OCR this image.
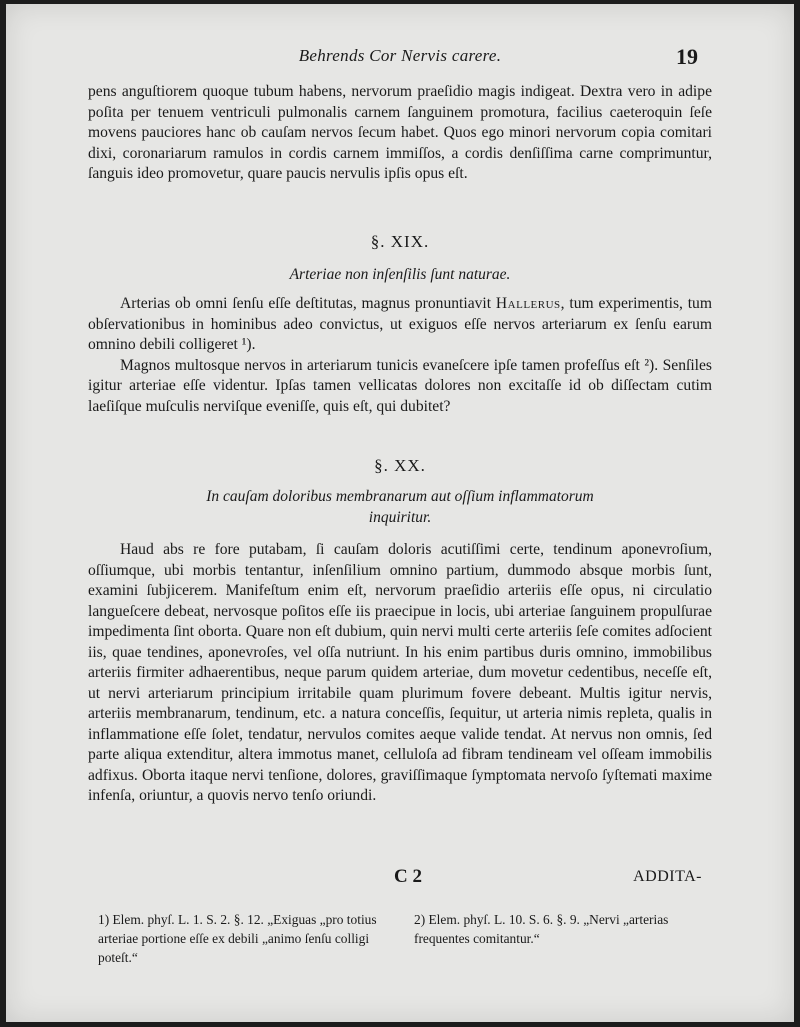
Behrends Cor Nervis carere.	19

pens anguſtiorem quoque tubum habens, nervorum praeſidio magis indigeat. Dextra vero in adipe poſita per tenuem ventriculi pulmonalis carnem ſanguinem promotura, facilius caeteroquin ſeſe movens pauciores hanc ob cauſam nervos ſecum habet. Quos ego minori nervorum copia comitari dixi, coronariarum ramulos in cordis carnem immiſſos, a cordis denſiſſima carne comprimuntur, ſanguis ideo promovetur, quare paucis nervulis ipſis opus eſt.

§. XIX.
Arteriae non inſenſilis ſunt naturae.

Arterias ob omni ſenſu eſſe deſtitutas, magnus pronuntiavit Hallerus, tum experimentis, tum obſervationibus in hominibus adeo convictus, ut exiguos eſſe nervos arteriarum ex ſenſu earum omnino debili colligeret ¹).

Magnos multosque nervos in arteriarum tunicis evaneſcere ipſe tamen profeſſus eſt ²). Senſiles igitur arteriae eſſe videntur. Ipſas tamen vellicatas dolores non excitaſſe id ob diſſectam cutim laeſiſque muſculis nerviſque eveniſſe, quis eſt, qui dubitet?

§. XX.
In cauſam doloribus membranarum aut oſſium inflammatorum
inquiritur.

Haud abs re fore putabam, ſi cauſam doloris acutiſſimi certe, tendinum aponevroſium, oſſiumque, ubi morbis tentantur, inſenſilium omnino partium, dummodo absque morbis ſunt, examini ſubjicerem. Manifeſtum enim eſt, nervorum praeſidio arteriis eſſe opus, ni circulatio langueſcere debeat, nervosque poſitos eſſe iis praecipue in locis, ubi arteriae ſanguinem propulſurae impedimenta ſint oborta. Quare non eſt dubium, quin nervi multi certe arteriis ſeſe comites adſocient iis, quae tendines, aponevroſes, vel oſſa nutriunt. In his enim partibus duris omnino, immobilibus arteriis firmiter adhaerentibus, neque parum quidem arteriae, dum movetur cedentibus, neceſſe eſt, ut nervi arteriarum principium irritabile quam plurimum fovere debeant. Multis igitur nervis, arteriis membranarum, tendinum, etc. a natura conceſſis, ſequitur, ut arteria nimis repleta, qualis in inflammatione eſſe ſolet, tendatur, nervulos comites aeque valide tendat. At nervus non omnis, ſed parte aliqua extenditur, altera immotus manet, celluloſa ad fibram tendineam vel oſſeam immobilis adfixus. Oborta itaque nervi tenſione, dolores, graviſſimaque ſymptomata nervoſo ſyſtemati maxime infenſa, oriuntur, a quovis nervo tenſo oriundi.

C 2	ADDITA-

1) Elem. phyſ. L. 1. S. 2. §. 12. „Exiguas „pro totius arteriae portione eſſe ex debili „animo ſenſu colligi poteſt.“

2) Elem. phyſ. L. 10. S. 6. §. 9. „Nervi „arterias frequentes comitantur.“
